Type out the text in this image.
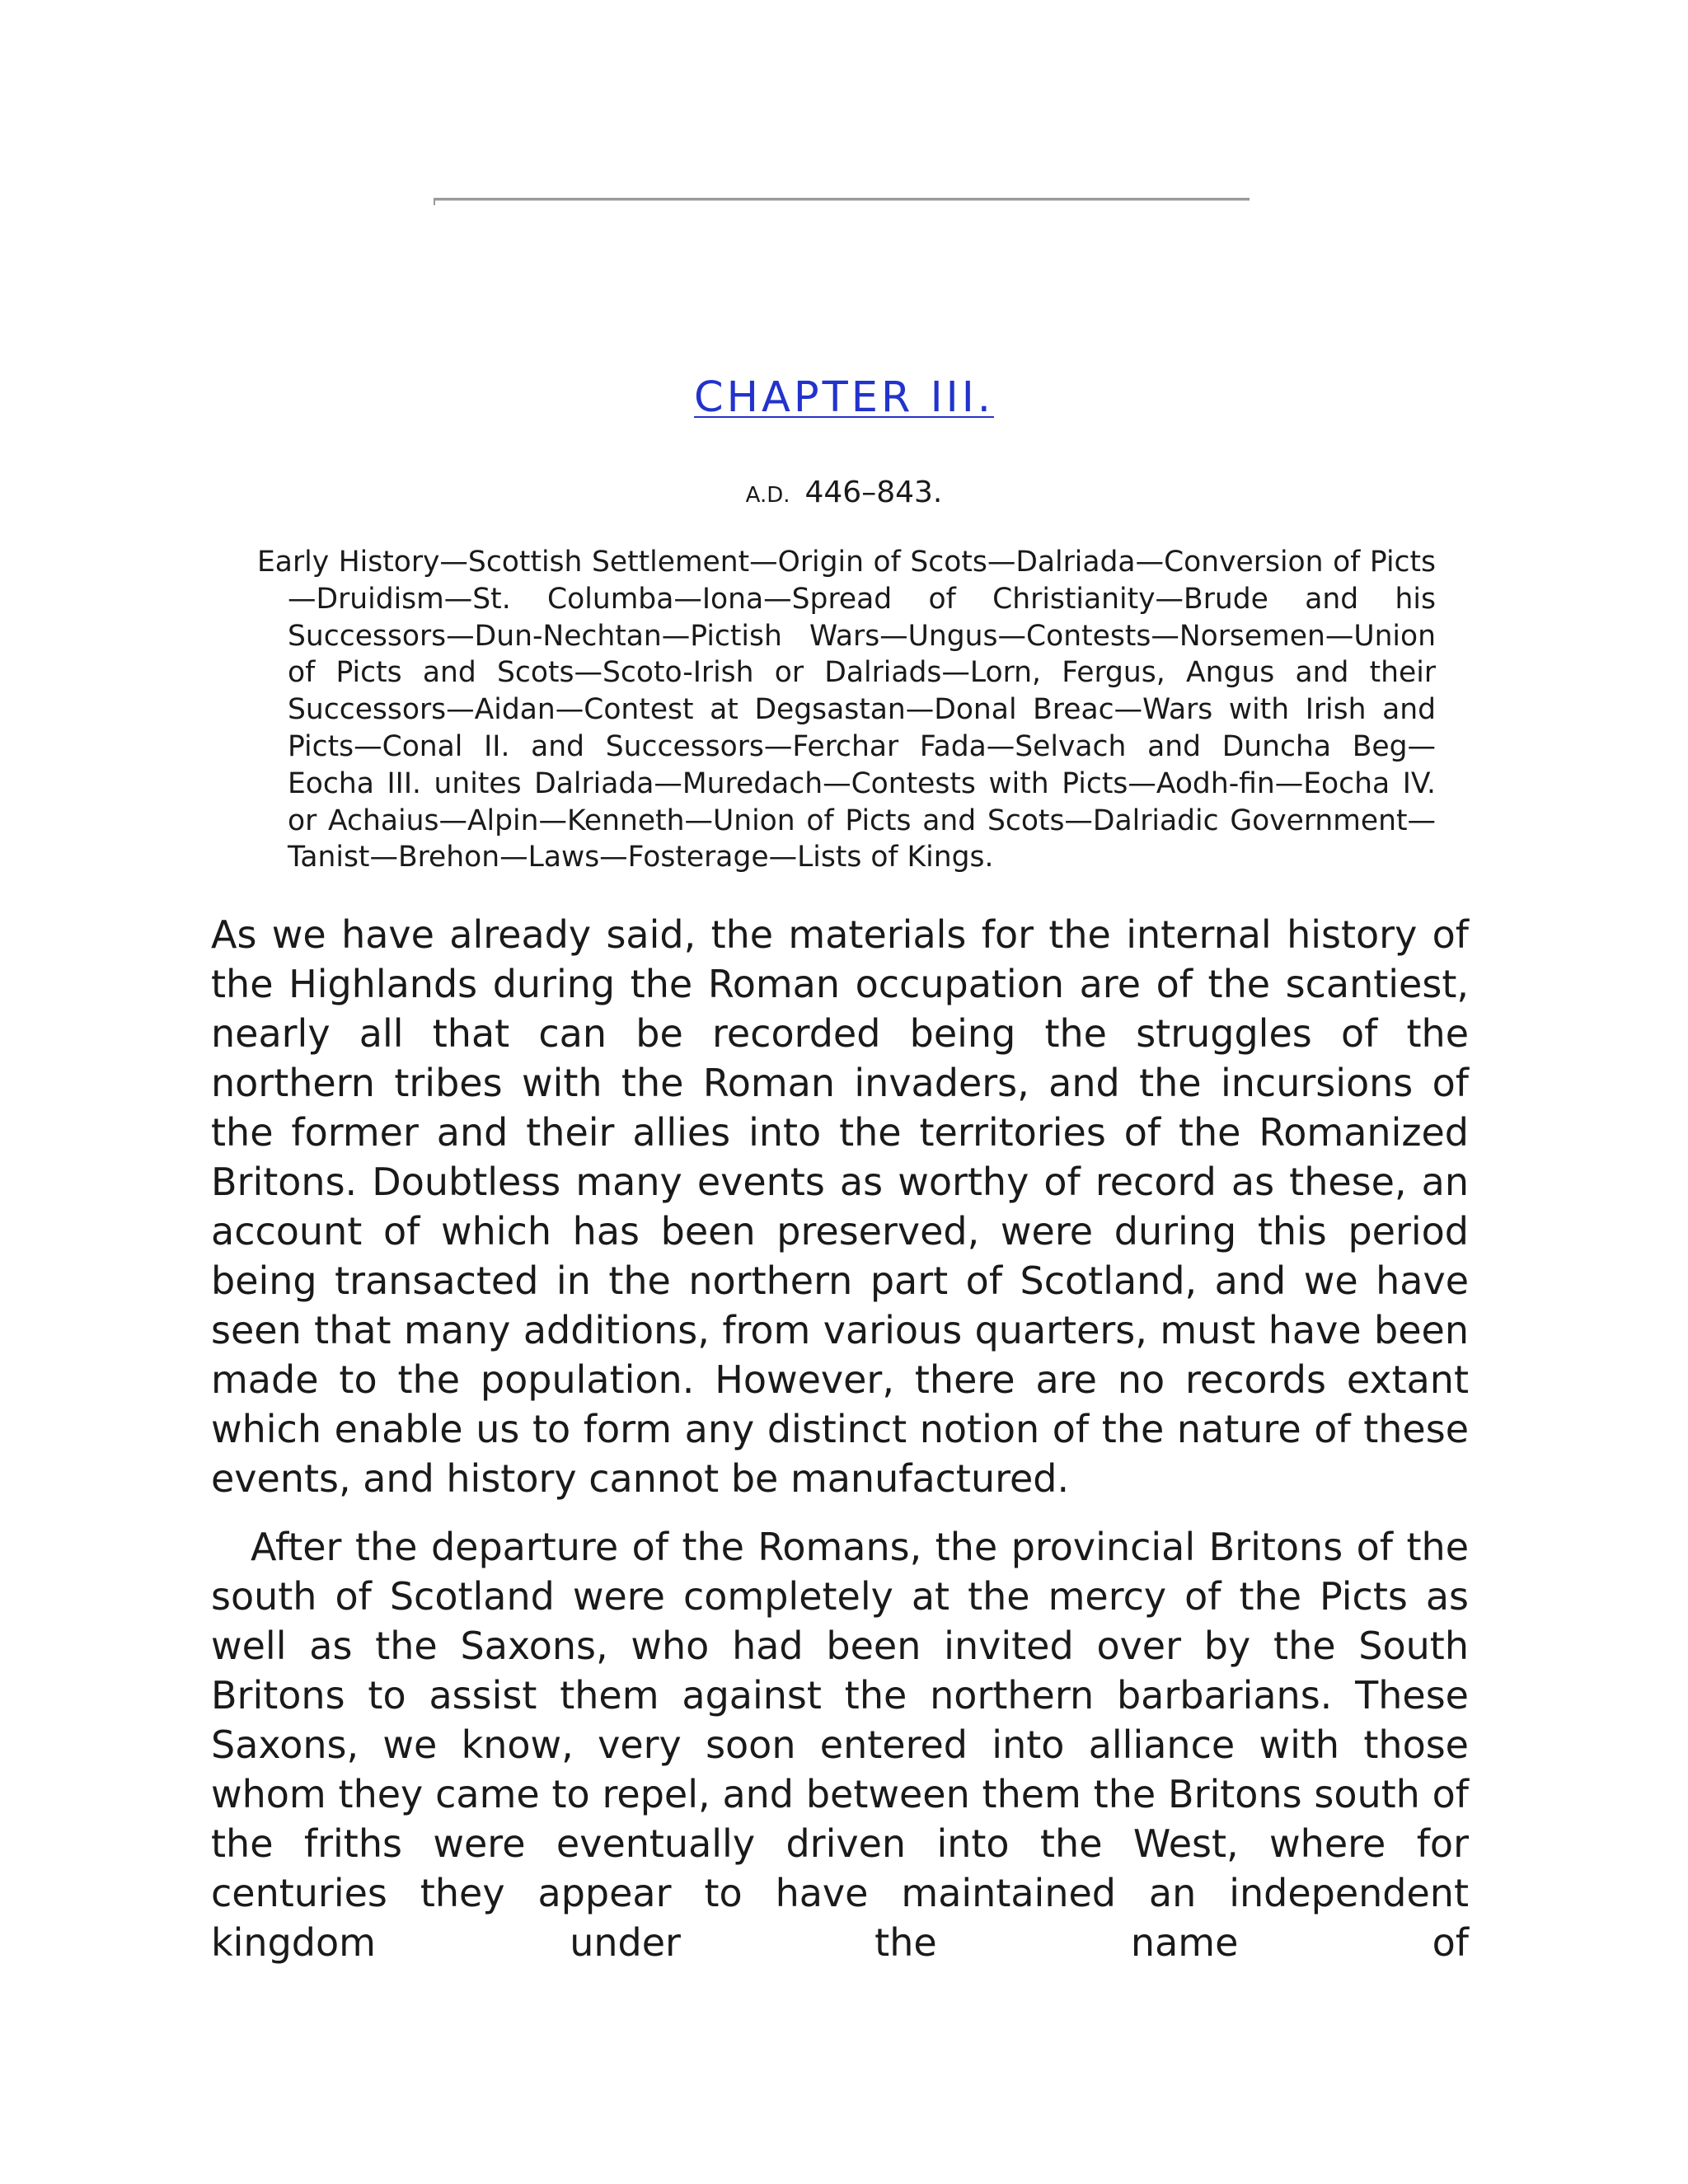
CHAPTER III.
A.D. 446–843.
Early History—Scottish Settlement—Origin of Scots—Dalriada—Conversion of Picts—Druidism—St. Columba—Iona—Spread of Christianity—Brude and his Successors—Dun-Nechtan—Pictish Wars—Ungus—Contests—Norsemen—Union of Picts and Scots—Scoto-Irish or Dalriads—Lorn, Fergus, Angus and their Successors—Aidan—Contest at Degsastan—Donal Breac—Wars with Irish and Picts—Conal II. and Successors—Ferchar Fada—Selvach and Duncha Beg—Eocha III. unites Dalriada—Muredach—Contests with Picts—Aodh-fin—Eocha IV. or Achaius—Alpin—Kenneth—Union of Picts and Scots—Dalriadic Government—Tanist—Brehon—Laws—Fosterage—Lists of Kings.

As we have already said, the materials for the internal history of the Highlands during the Roman occupation are of the scantiest, nearly all that can be recorded being the struggles of the northern tribes with the Roman invaders, and the incursions of the former and their allies into the territories of the Romanized Britons. Doubtless many events as worthy of record as these, an account of which has been preserved, were during this period being transacted in the northern part of Scotland, and we have seen that many additions, from various quarters, must have been made to the population. However, there are no records extant which enable us to form any distinct notion of the nature of these events, and history cannot be manufactured.

After the departure of the Romans, the provincial Britons of the south of Scotland were completely at the mercy of the Picts as well as the Saxons, who had been invited over by the South Britons to assist them against the northern barbarians. These Saxons, we know, very soon entered into alliance with those whom they came to repel, and between them the Britons south of the friths were eventually driven into the West, where for centuries they appear to have maintained an independent kingdom under the name of
